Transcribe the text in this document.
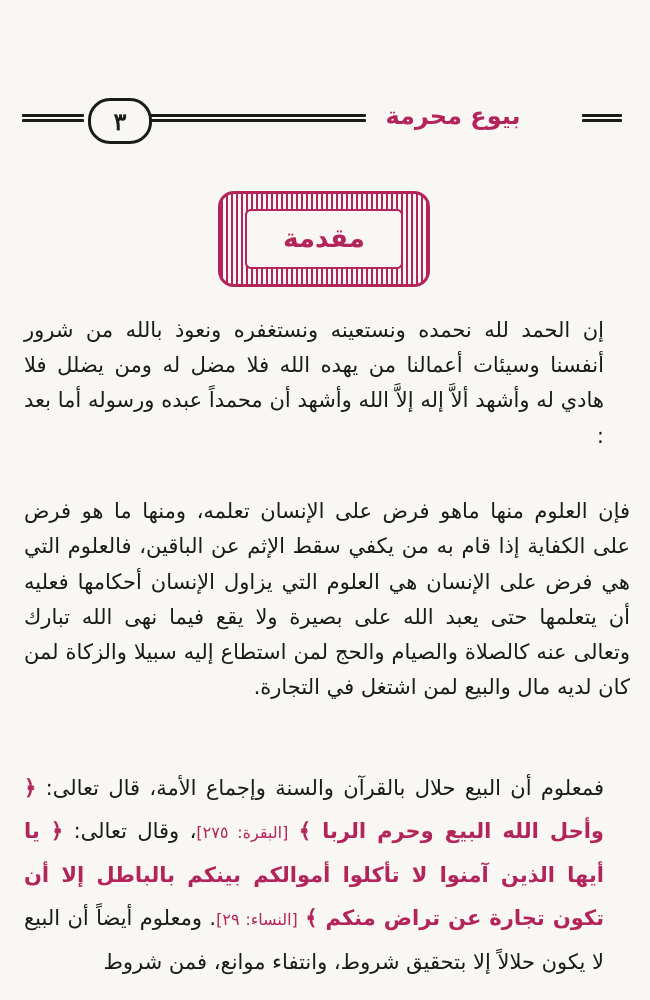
٣	بيوع محرمة
مقدمة

إن الحمد لله نحمده ونستعينه ونستغفره ونعوذ بالله من شرور أنفسنا وسيئات أعمالنا من يهده الله فلا مضل له ومن يضلل فلا هادي له وأشهد ألاَّ إله إلاَّ الله وأشهد أن محمداً عبده ورسوله أما بعد :

فإن العلوم منها ماهو فرض على الإنسان تعلمه، ومنها ما هو فرض على الكفاية إذا قام به من يكفي سقط الإثم عن الباقين، فالعلوم التي هي فرض على الإنسان هي العلوم التي يزاول الإنسان أحكامها فعليه أن يتعلمها حتى يعبد الله على بصيرة ولا يقع فيما نهى الله تبارك وتعالى عنه كالصلاة والصيام والحج لمن استطاع إليه سبيلا والزكاة لمن كان لديه مال والبيع لمن اشتغل في التجارة.

فمعلوم أن البيع حلال بالقرآن والسنة وإجماع الأمة، قال تعالى: ﴿ وأحل الله البيع وحرم الربا ﴾ [البقرة: ٢٧٥]، وقال تعالى: ﴿ يا أيها الذين آمنوا لا تأكلوا أموالكم بينكم بالباطل إلا أن تكون تجارة عن تراض منكم ﴾ [النساء: ٢٩]. ومعلوم أيضاً أن البيع لا يكون حلالاً إلا بتحقيق شروط، وانتفاء موانع، فمن شروط
